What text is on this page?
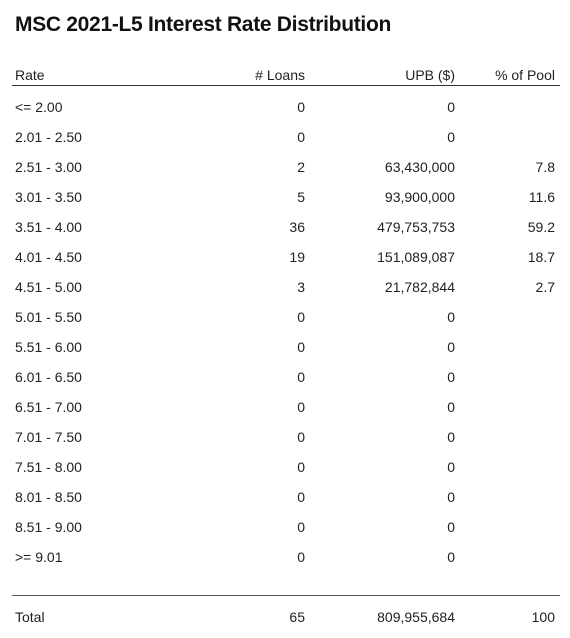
MSC 2021-L5 Interest Rate Distribution
Rate	# Loans	UPB ($)	% of Pool
<= 2.00	0	0
2.01 - 2.50	0	0
2.51 - 3.00	2	63,430,000	7.8
3.01 - 3.50	5	93,900,000	11.6
3.51 - 4.00	36	479,753,753	59.2
4.01 - 4.50	19	151,089,087	18.7
4.51 - 5.00	3	21,782,844	2.7
5.01 - 5.50	0	0
5.51 - 6.00	0	0
6.01 - 6.50	0	0
6.51 - 7.00	0	0
7.01 - 7.50	0	0
7.51 - 8.00	0	0
8.01 - 8.50	0	0
8.51 - 9.00	0	0
>= 9.01	0	0
Total	65	809,955,684	100
